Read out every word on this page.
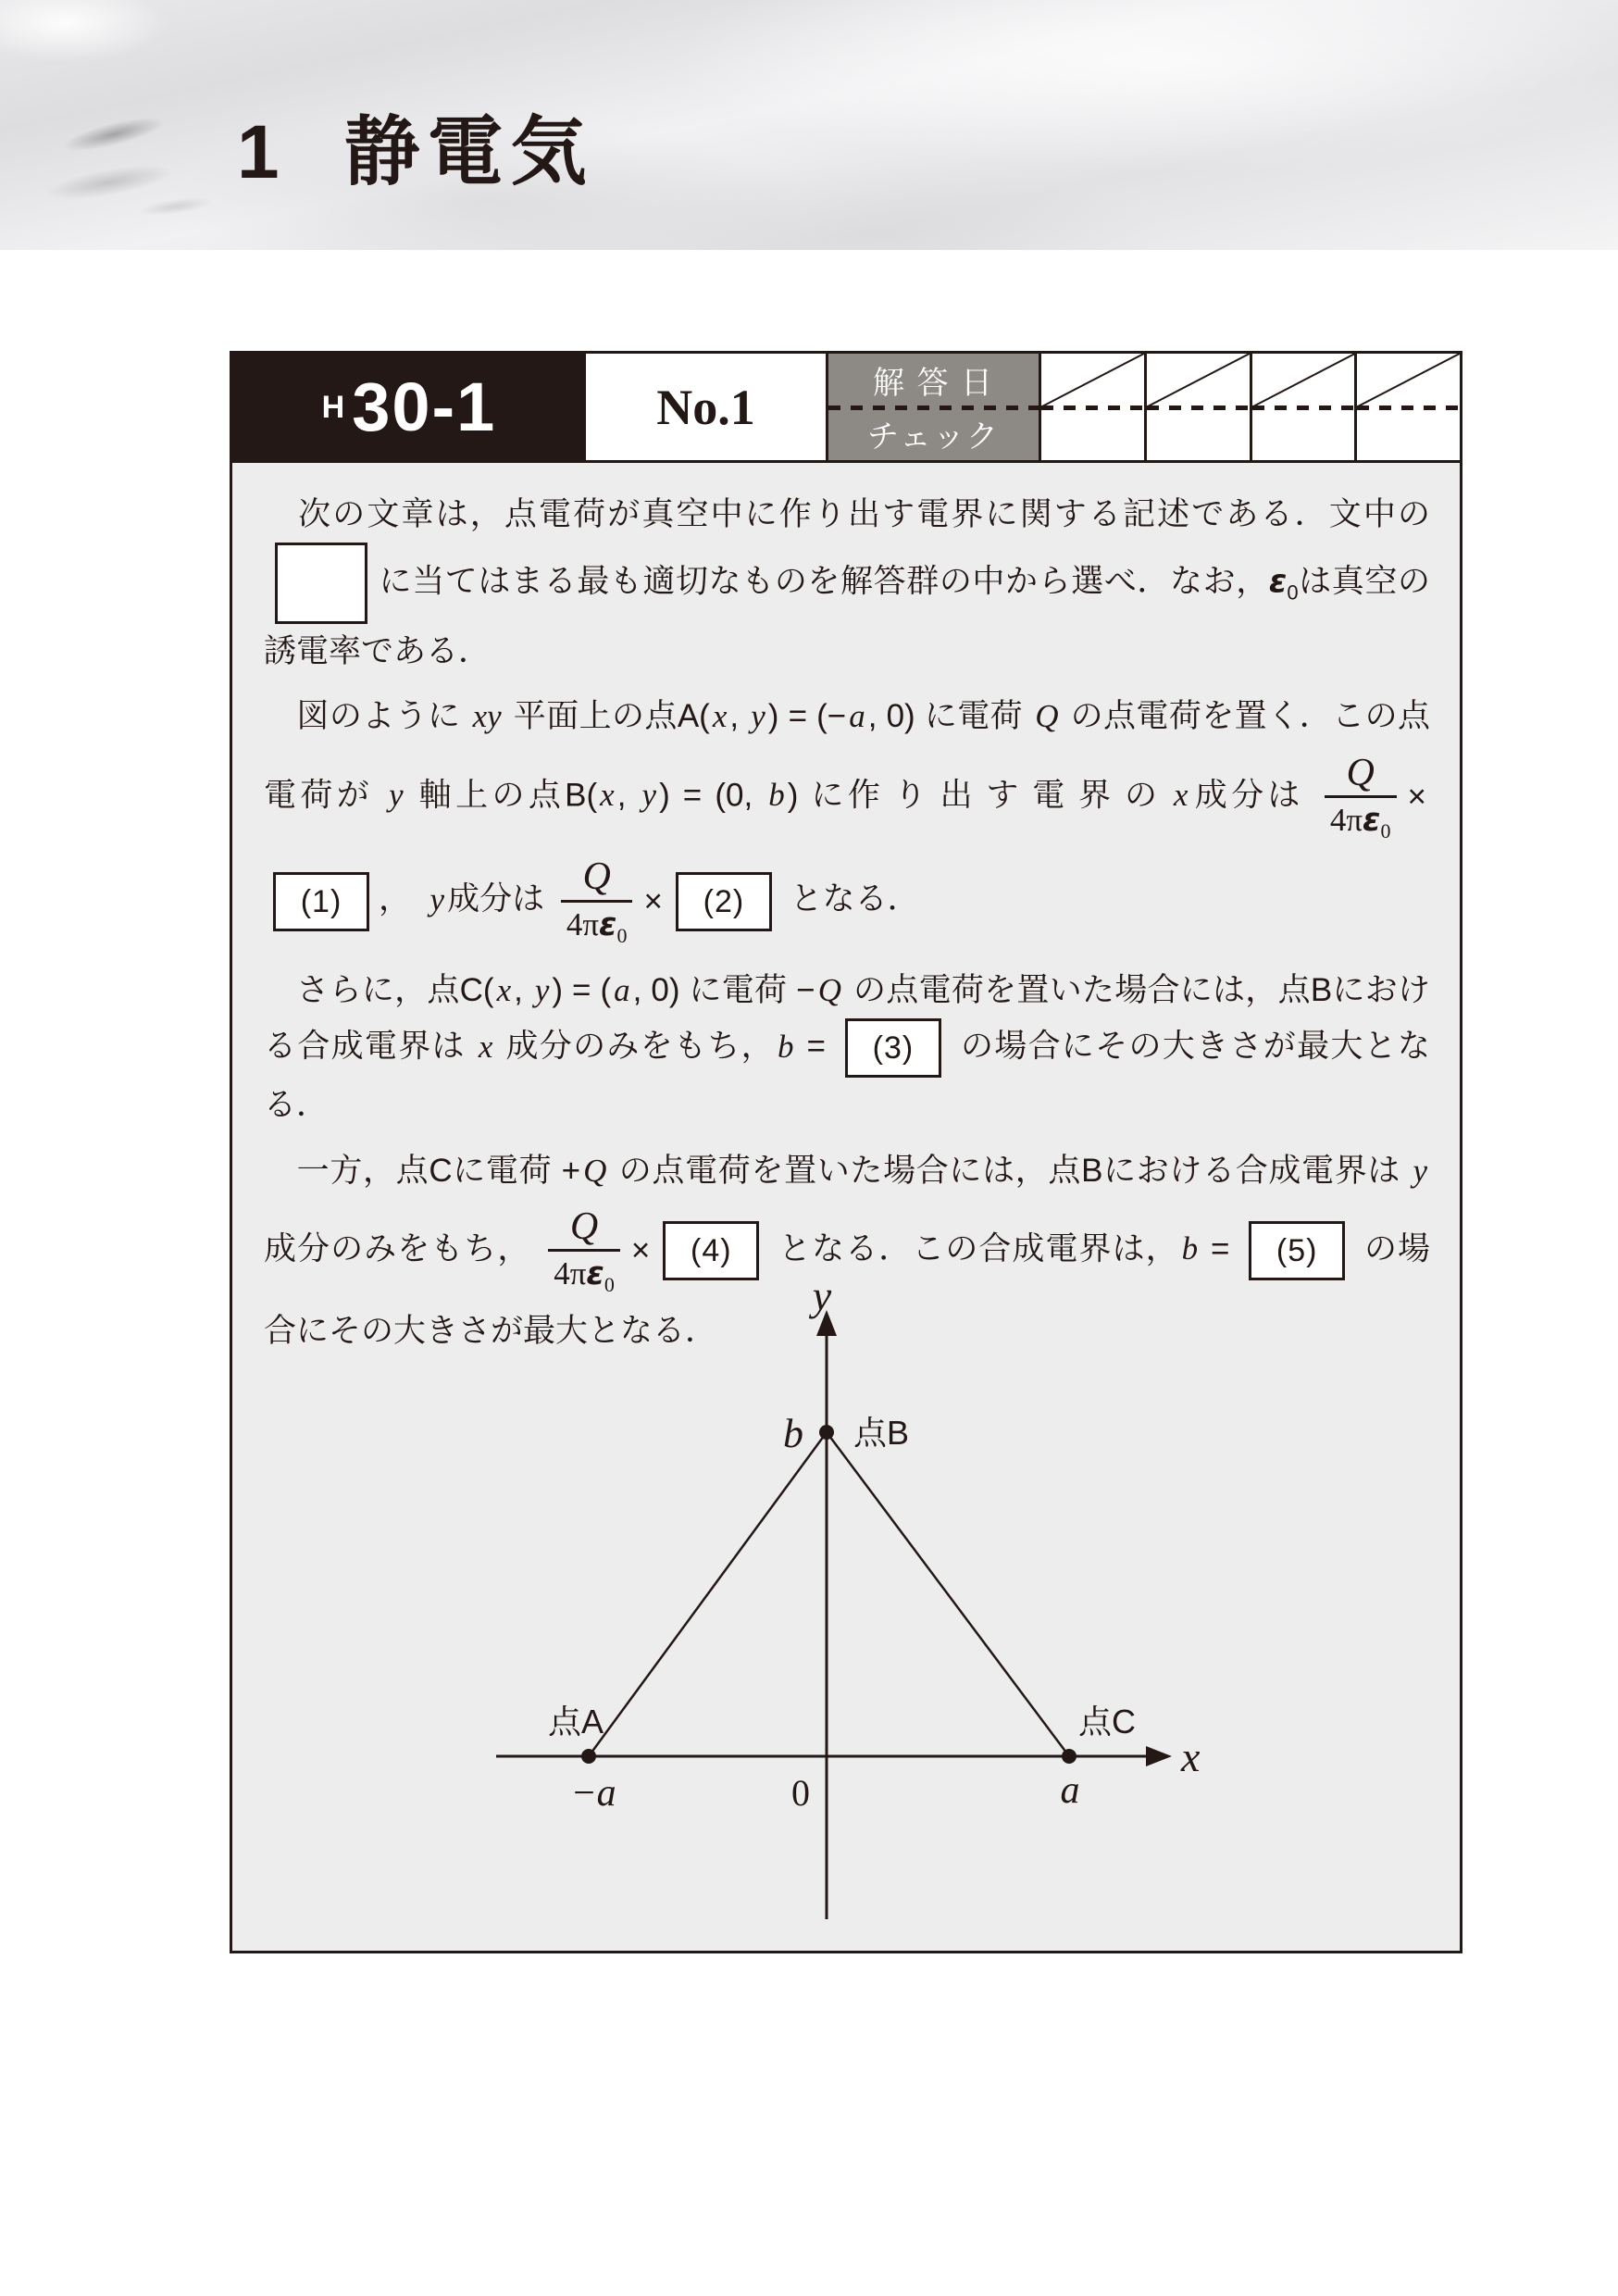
1 静電気
H 30-1	No.1	解 答 日
チェック

　次の文章は，点電荷が真空中に作り出す電界に関する記述である．文中のに当てはまる最も適切なものを解答群の中から選べ．なお，$\varepsilon_0$は真空の誘電率である．

　図のように xy 平面上の点A(x, y) = (−a, 0) に電荷 Q の点電荷を置く．この点電荷が y 軸上の点B(x, y) = (0, b) に作り出す電界のx成分は $\frac{Q}{4\pi\varepsilon_0} \times(1)$ ，　y成分は $\frac{Q}{4\pi\varepsilon_0} \times (2)$ となる．

　さらに，点C(x, y) = (a, 0) に電荷 −Q の点電荷を置いた場合には，点Bにおける合成電界は x 成分のみをもち，b = (3) の場合にその大きさが最大となる．

　一方，点Cに電荷 +Q の点電荷を置いた場合には，点Bにおける合成電界は y 成分のみをもち， $\frac{Q}{4\pi\varepsilon_0} \times (4)$ となる．この合成電界は，b = (5) の場合にその大きさが最大となる．

y
x
b 点B
点A	点C
−a	0	a
